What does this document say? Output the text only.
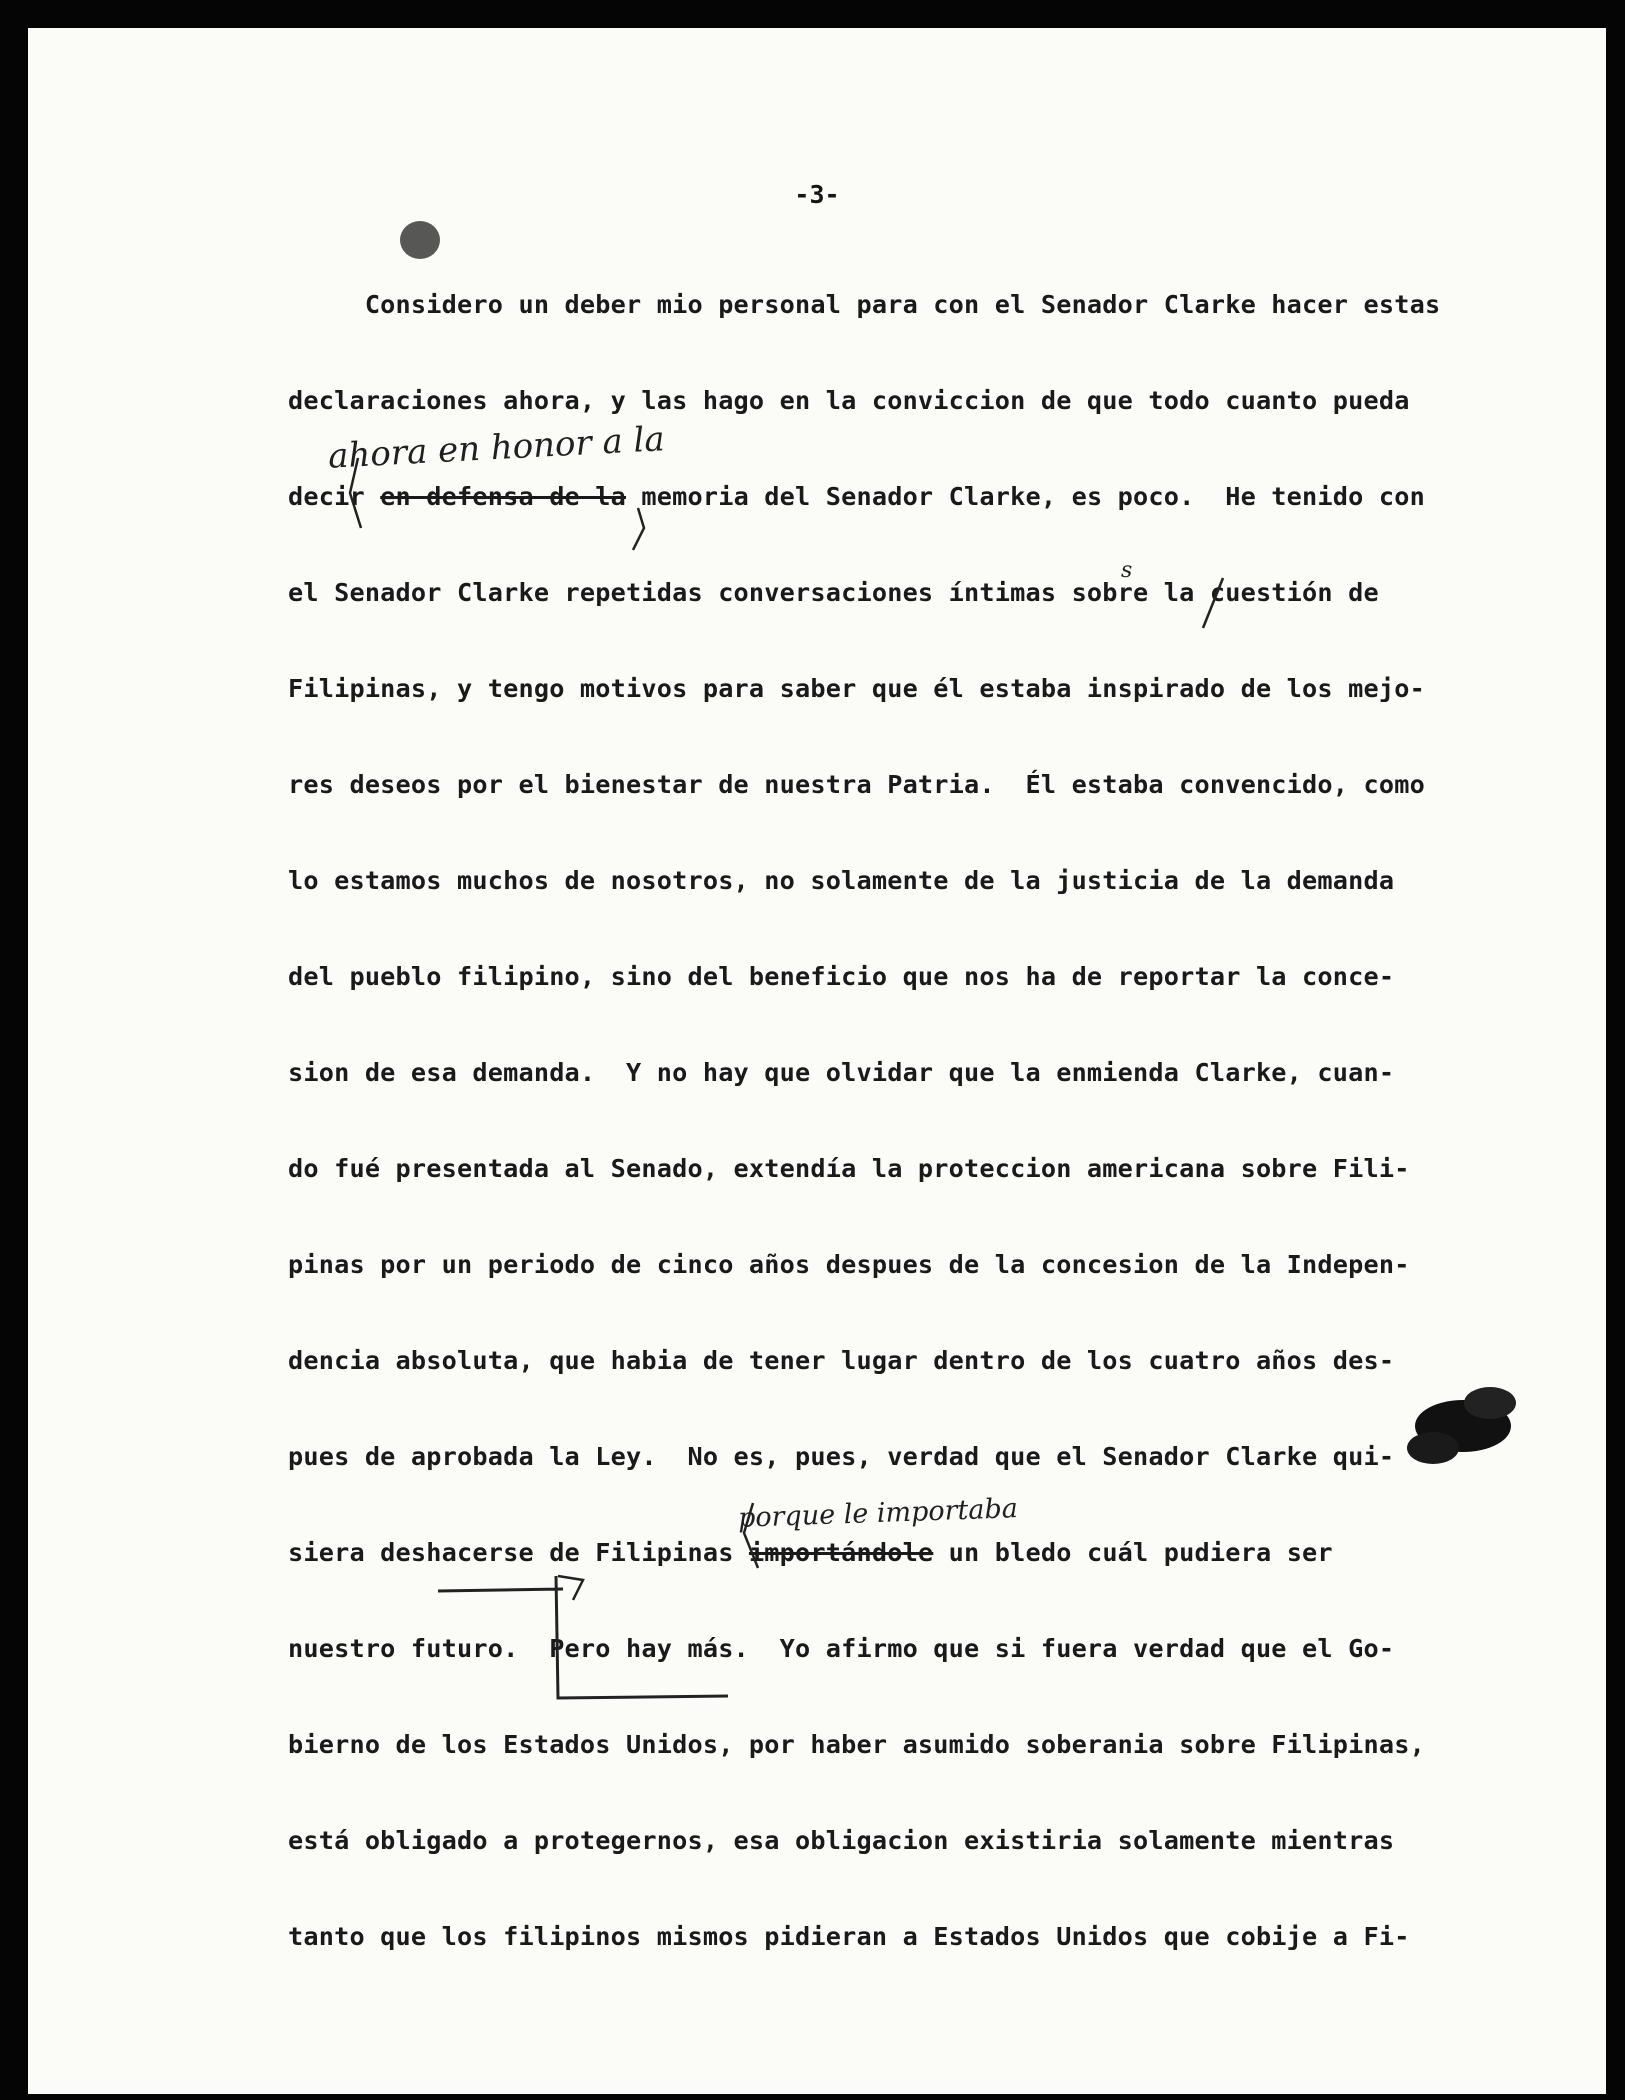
-3-
Considero un deber mio personal para con el Senador Clarke hacer estas
declaraciones ahora, y las hago en la conviccion de que todo cuanto pueda
decir en defensa de la memoria del Senador Clarke, es poco.  He tenido con
el Senador Clarke repetidas conversaciones íntimas sobre la cuestión de
Filipinas, y tengo motivos para saber que él estaba inspirado de los mejo-
res deseos por el bienestar de nuestra Patria.  Él estaba convencido, como
lo estamos muchos de nosotros, no solamente de la justicia de la demanda
del pueblo filipino, sino del beneficio que nos ha de reportar la conce-
sion de esa demanda.  Y no hay que olvidar que la enmienda Clarke, cuan-
do fué presentada al Senado, extendía la proteccion americana sobre Fili-
pinas por un periodo de cinco años despues de la concesion de la Indepen-
dencia absoluta, que habia de tener lugar dentro de los cuatro años des-
pues de aprobada la Ley.  No es, pues, verdad que el Senador Clarke qui-
siera deshacerse de Filipinas importándole un bledo cuál pudiera ser
nuestro futuro.  Pero hay más.  Yo afirmo que si fuera verdad que el Go-
bierno de los Estados Unidos, por haber asumido soberania sobre Filipinas,
está obligado a protegernos, esa obligacion existiria solamente mientras
tanto que los filipinos mismos pidieran a Estados Unidos que cobije a Fi-
ahora en honor a la
porque le importaba
s
